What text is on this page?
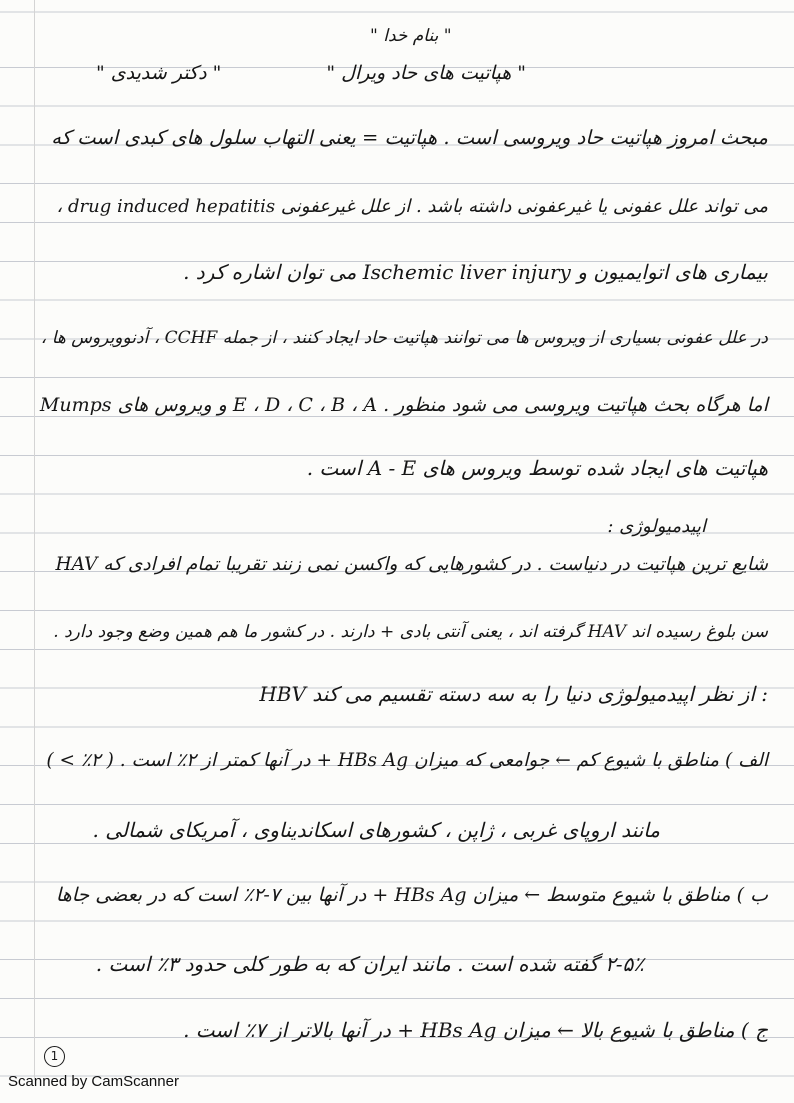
" بنام خدا "
" هپاتیت های حاد ویرال "
" دکتر شدیدی "
مبحث امروز هپاتیت حاد ویروسی است . هپاتیت = یعنی التهاب سلول های کبدی است که
می تواند علل عفونی یا غیرعفونی داشته باشد . از علل غیرعفونی drug induced hepatitis ،
بیماری های اتوایمیون و Ischemic liver injury می توان اشاره کرد .
در علل عفونی بسیاری از ویروس ها می توانند هپاتیت حاد ایجاد کنند ، از جمله CCHF ، آدنوویروس ها ،
Mumps و ویروس های E ، D ، C ، B ، A . اما هرگاه بحث هپاتیت ویروسی می شود منظور
هپاتیت های ایجاد شده توسط ویروس های A - E است .
اپیدمیولوژی :
HAV شایع ترین هپاتیت در دنیاست . در کشورهایی که واکسن نمی زنند تقریبا تمام افرادی که
سن بلوغ رسیده اند HAV گرفته اند ، یعنی آنتی بادی + دارند . در کشور ما هم همین وضع وجود دارد .
HBV از نظر اپیدمیولوژی دنیا را به سه دسته تقسیم می کند :
الف ) مناطق با شیوع کم ← جوامعی که میزان HBs Ag + در آنها کمتر از ۲٪ است . ( ۲٪ > )
مانند اروپای غربی ، ژاپن ، کشورهای اسکاندیناوی ، آمریکای شمالی .
ب ) مناطق با شیوع متوسط ← میزان HBs Ag + در آنها بین ۷-۲٪ است که در بعضی جاها
۲-۵٪ گفته شده است . مانند ایران که به طور کلی حدود ۳٪ است .
ج ) مناطق با شیوع بالا ← میزان HBs Ag + در آنها بالاتر از ۷٪ است .
1
Scanned by CamScanner
